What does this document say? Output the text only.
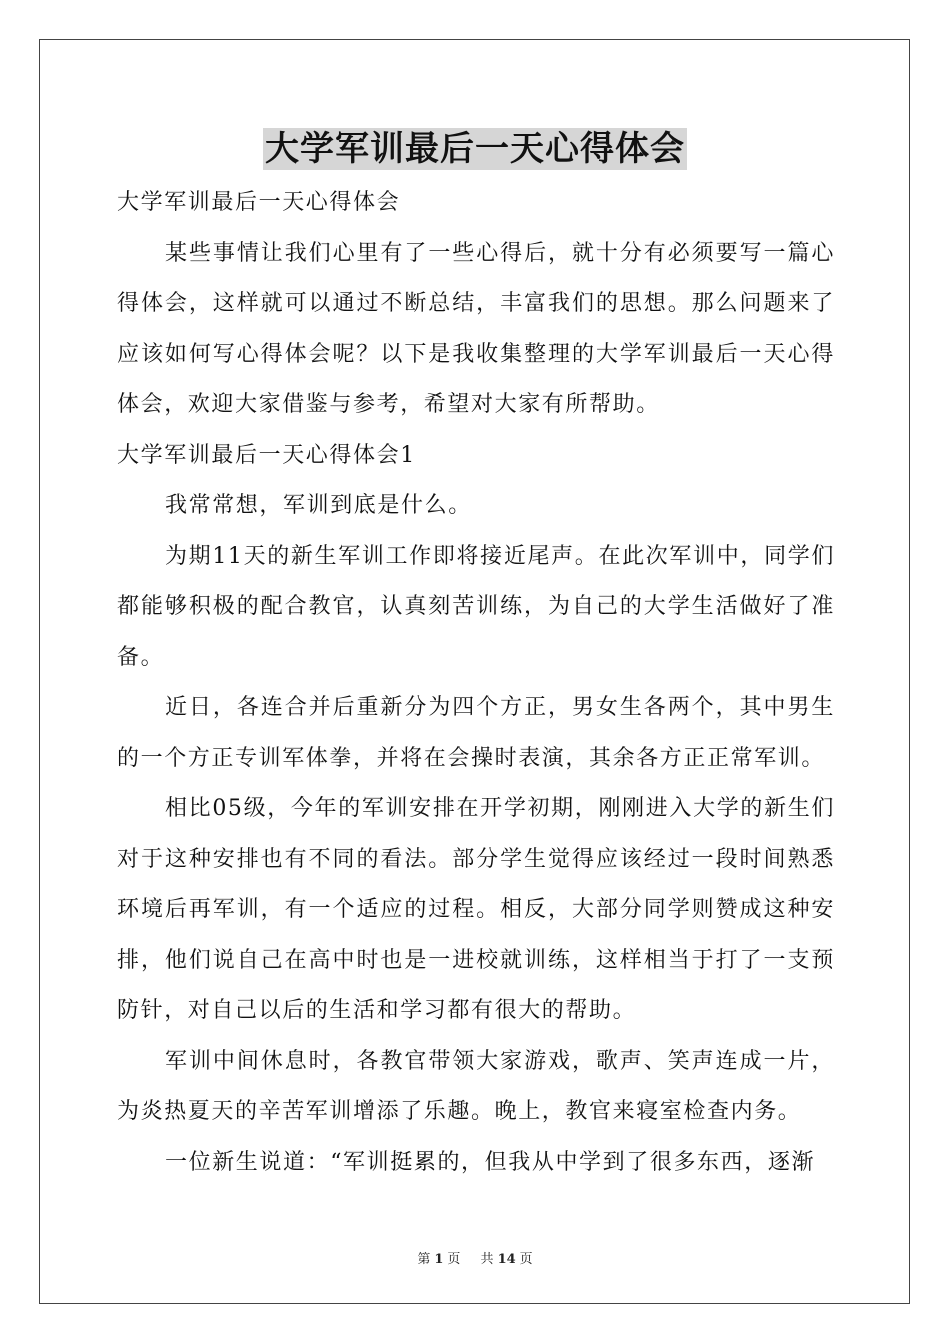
大学军训最后一天心得体会

大学军训最后一天心得体会

某些事情让我们心里有了一些心得后，就十分有必须要写一篇心得体会，这样就可以通过不断总结，丰富我们的思想。那么问题来了应该如何写心得体会呢？以下是我收集整理的大学军训最后一天心得体会，欢迎大家借鉴与参考，希望对大家有所帮助。

大学军训最后一天心得体会1

我常常想，军训到底是什么。

为期11天的新生军训工作即将接近尾声。在此次军训中，同学们都能够积极的配合教官，认真刻苦训练，为自己的大学生活做好了准备。

近日，各连合并后重新分为四个方正，男女生各两个，其中男生的一个方正专训军体拳，并将在会操时表演，其余各方正正常军训。

相比05级，今年的军训安排在开学初期，刚刚进入大学的新生们对于这种安排也有不同的看法。部分学生觉得应该经过一段时间熟悉环境后再军训，有一个适应的过程。相反，大部分同学则赞成这种安排，他们说自己在高中时也是一进校就训练，这样相当于打了一支预防针，对自己以后的生活和学习都有很大的帮助。

军训中间休息时，各教官带领大家游戏，歌声、笑声连成一片，为炎热夏天的辛苦军训增添了乐趣。晚上，教官来寝室检查内务。

一位新生说道：“军训挺累的，但我从中学到了很多东西，逐渐

第 1 页 共 14 页
